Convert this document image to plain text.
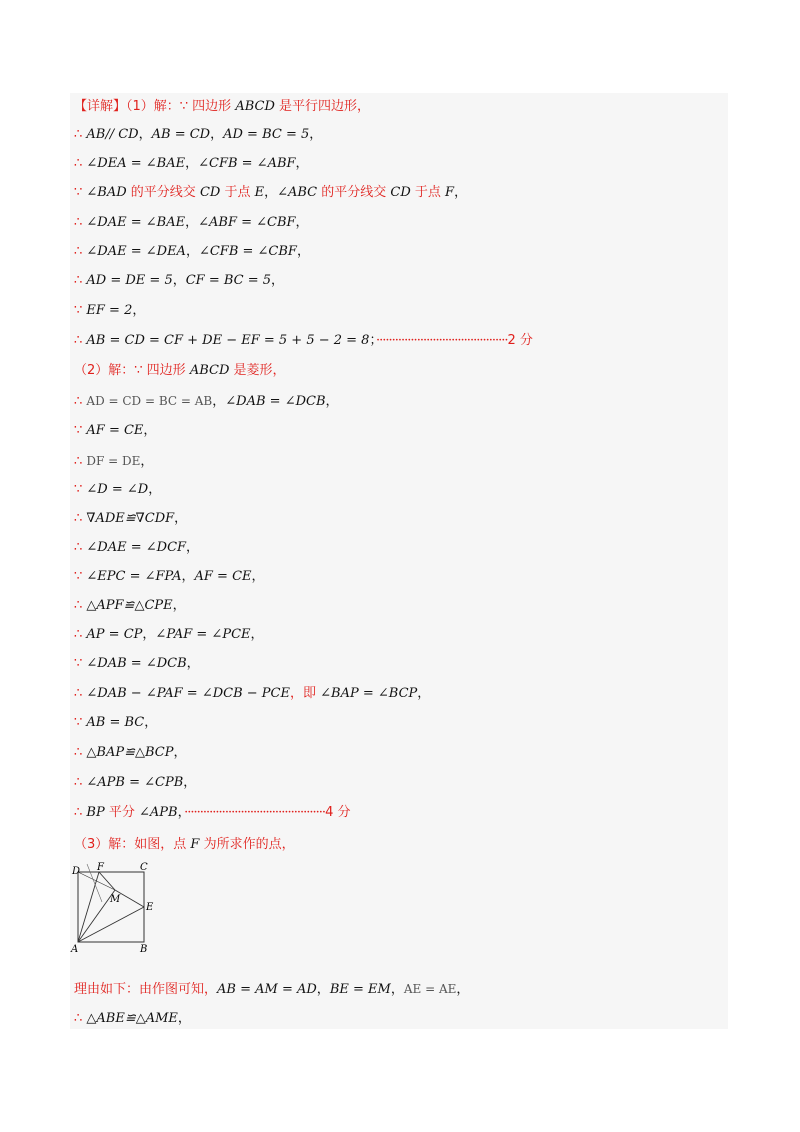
【详解】（1）解：∵ 四边形 ABCD 是平行四边形，
∴ AB// CD，AB = CD，AD = BC = 5，
∴ ∠DEA = ∠BAE，∠CFB = ∠ABF，
∵ ∠BAD 的平分线交 CD 于点 E，∠ABC 的平分线交 CD 于点 F，
∴ ∠DAE = ∠BAE，∠ABF = ∠CBF，
∴ ∠DAE = ∠DEA，∠CFB = ∠CBF，
∴ AD = DE = 5，CF = BC = 5，
∵ EF = 2，
∴ AB = CD = CF + DE − EF = 5 + 5 − 2 = 8；··········································2 分
（2）解：∵ 四边形 ABCD 是菱形，
∴ AD = CD = BC = AB，∠DAB = ∠DCB，
∵ AF = CE，
∴ DF = DE，
∵ ∠D = ∠D，
∴ ∇ADE≌∇CDF，
∴ ∠DAE = ∠DCF，
∵ ∠EPC = ∠FPA，AF = CE，
∴ △APF≌△CPE，
∴ AP = CP，∠PAF = ∠PCE，
∵ ∠DAB = ∠DCB，
∴ ∠DAB − ∠PAF = ∠DCB − PCE，即 ∠BAP = ∠BCP，
∵ AB = BC，
∴ △BAP≌△BCP，
∴ ∠APB = ∠CPB，
∴ BP 平分 ∠APB，·············································4 分
（3）解：如图，点 F 为所求作的点，
理由如下：由作图可知，AB = AM = AD，BE = EM，AE = AE，
∴ △ABE≌△AME，
D F	C
M
E
A	B
